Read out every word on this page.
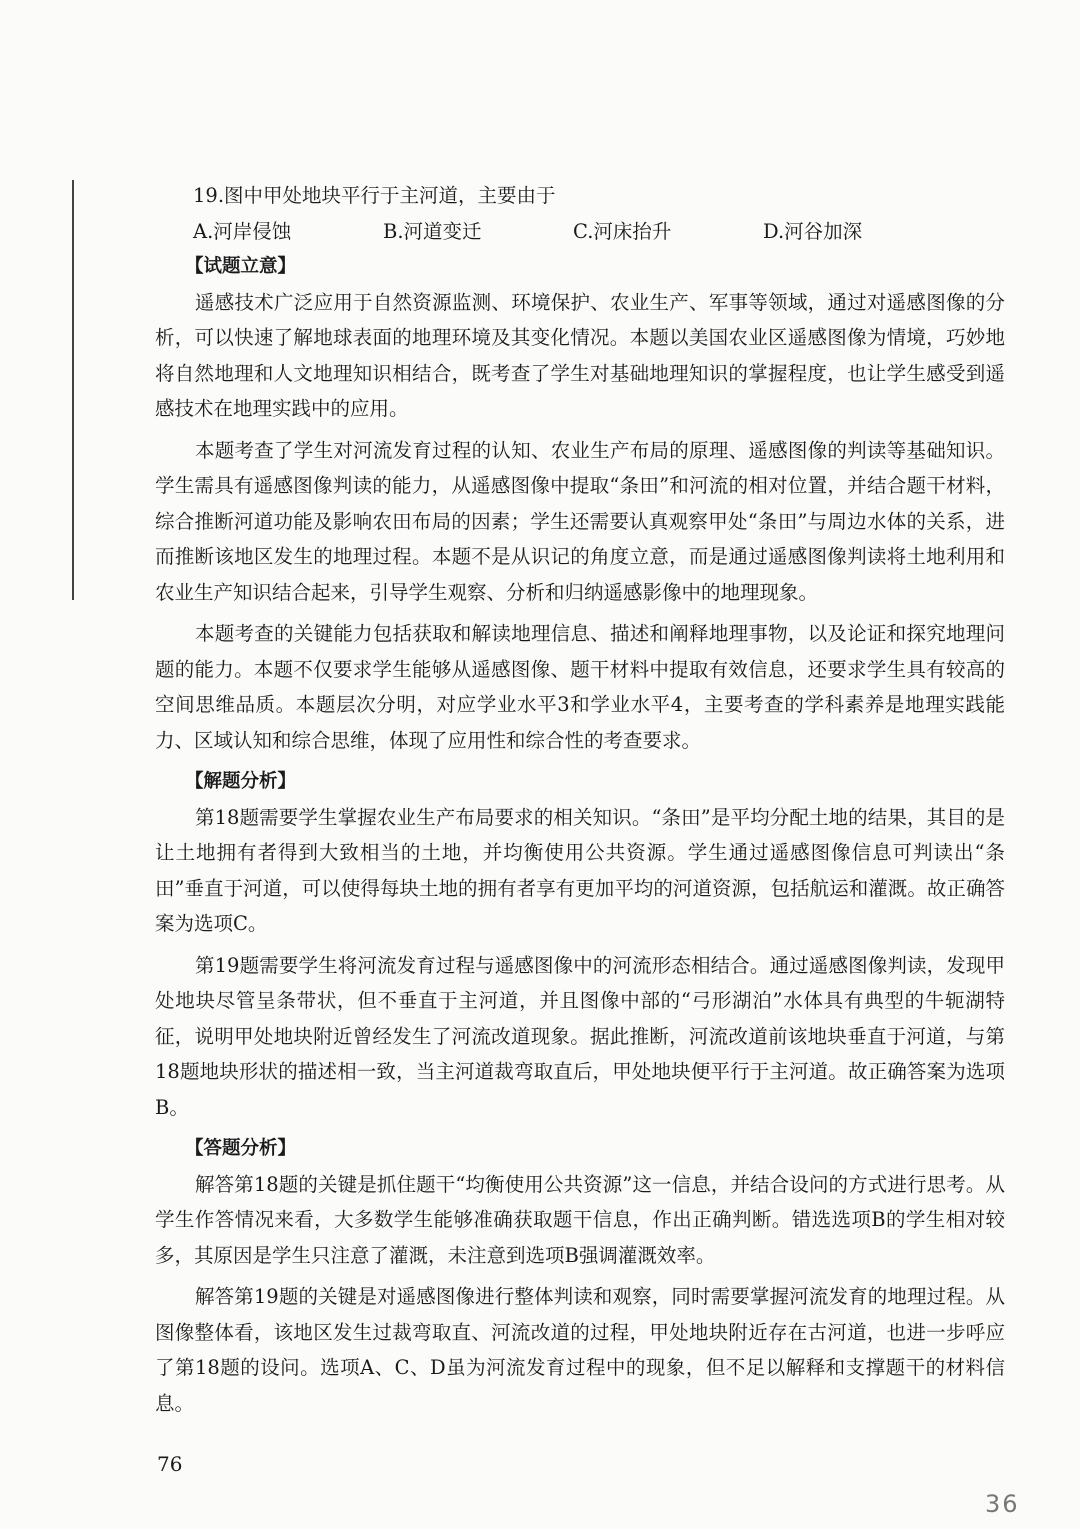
19.图中甲处地块平行于主河道，主要由于

A.河岸侵蚀	B.河道变迁	C.河床抬升	D.河谷加深

【试题立意】

遥感技术广泛应用于自然资源监测、环境保护、农业生产、军事等领域，通过对遥感图像的分析，可以快速了解地球表面的地理环境及其变化情况。本题以美国农业区遥感图像为情境，巧妙地将自然地理和人文地理知识相结合，既考查了学生对基础地理知识的掌握程度，也让学生感受到遥感技术在地理实践中的应用。

本题考查了学生对河流发育过程的认知、农业生产布局的原理、遥感图像的判读等基础知识。学生需具有遥感图像判读的能力，从遥感图像中提取“条田”和河流的相对位置，并结合题干材料，综合推断河道功能及影响农田布局的因素；学生还需要认真观察甲处“条田”与周边水体的关系，进而推断该地区发生的地理过程。本题不是从识记的角度立意，而是通过遥感图像判读将土地利用和农业生产知识结合起来，引导学生观察、分析和归纳遥感影像中的地理现象。

本题考查的关键能力包括获取和解读地理信息、描述和阐释地理事物，以及论证和探究地理问题的能力。本题不仅要求学生能够从遥感图像、题干材料中提取有效信息，还要求学生具有较高的空间思维品质。本题层次分明，对应学业水平3和学业水平4，主要考查的学科素养是地理实践能力、区域认知和综合思维，体现了应用性和综合性的考查要求。

【解题分析】

第18题需要学生掌握农业生产布局要求的相关知识。“条田”是平均分配土地的结果，其目的是让土地拥有者得到大致相当的土地，并均衡使用公共资源。学生通过遥感图像信息可判读出“条田”垂直于河道，可以使得每块土地的拥有者享有更加平均的河道资源，包括航运和灌溉。故正确答案为选项C。

第19题需要学生将河流发育过程与遥感图像中的河流形态相结合。通过遥感图像判读，发现甲处地块尽管呈条带状，但不垂直于主河道，并且图像中部的“弓形湖泊”水体具有典型的牛轭湖特征，说明甲处地块附近曾经发生了河流改道现象。据此推断，河流改道前该地块垂直于河道，与第18题地块形状的描述相一致，当主河道裁弯取直后，甲处地块便平行于主河道。故正确答案为选项B。

【答题分析】

解答第18题的关键是抓住题干“均衡使用公共资源”这一信息，并结合设问的方式进行思考。从学生作答情况来看，大多数学生能够准确获取题干信息，作出正确判断。错选选项B的学生相对较多，其原因是学生只注意了灌溉，未注意到选项B强调灌溉效率。

解答第19题的关键是对遥感图像进行整体判读和观察，同时需要掌握河流发育的地理过程。从图像整体看，该地区发生过裁弯取直、河流改道的过程，甲处地块附近存在古河道，也进一步呼应了第18题的设问。选项A、C、D虽为河流发育过程中的现象，但不足以解释和支撑题干的材料信息。

76
36
